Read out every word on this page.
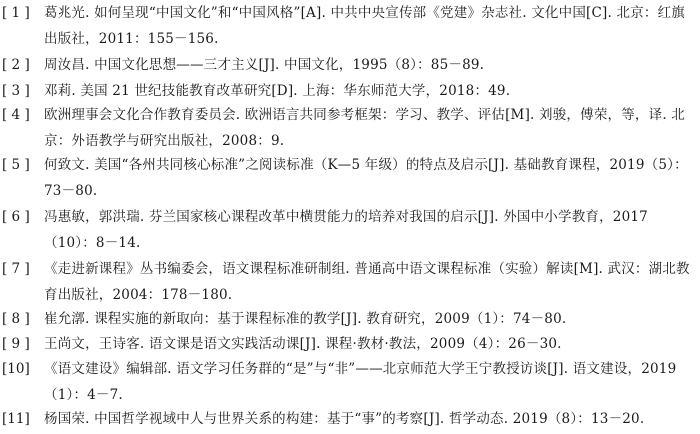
[ 1 ]	葛兆光. 如何呈现“中国文化”和“中国风格”[A]. 中共中央宣传部《党建》杂志社. 文化中国[C]. 北京：红旗出版社，2011：155－156.
[ 2 ]	周汝昌. 中国文化思想——三才主义[J]. 中国文化，1995（8）：85－89.
[ 3 ]	邓莉. 美国 21 世纪技能教育改革研究[D]. 上海：华东师范大学，2018：49.
[ 4 ]	欧洲理事会文化合作教育委员会. 欧洲语言共同参考框架：学习、教学、评估[M]. 刘骏，傅荣，等，译. 北京：外语教学与研究出版社，2008：9.
[ 5 ]	何致文. 美国“各州共同核心标准”之阅读标准（K—5 年级）的特点及启示[J]. 基础教育课程，2019（5）：73－80.
[ 6 ]	冯惠敏，郭洪瑞. 芬兰国家核心课程改革中横贯能力的培养对我国的启示[J]. 外国中小学教育，2017（10）：8－14.
[ 7 ]	《走进新课程》丛书编委会，语文课程标准研制组. 普通高中语文课程标准（实验）解读[M]. 武汉：湖北教育出版社，2004：178－180.
[ 8 ]	崔允漷. 课程实施的新取向：基于课程标准的教学[J]. 教育研究，2009（1）：74－80.
[ 9 ]	王尚文，王诗客. 语文课是语文实践活动课[J]. 课程·教材·教法，2009（4）：26－30.
[10]	《语文建设》编辑部. 语文学习任务群的“是”与“非”——北京师范大学王宁教授访谈[J]. 语文建设，2019（1）：4－7.
[11]	杨国荣. 中国哲学视域中人与世界关系的构建：基于“事”的考察[J]. 哲学动态. 2019（8）：13－20.
